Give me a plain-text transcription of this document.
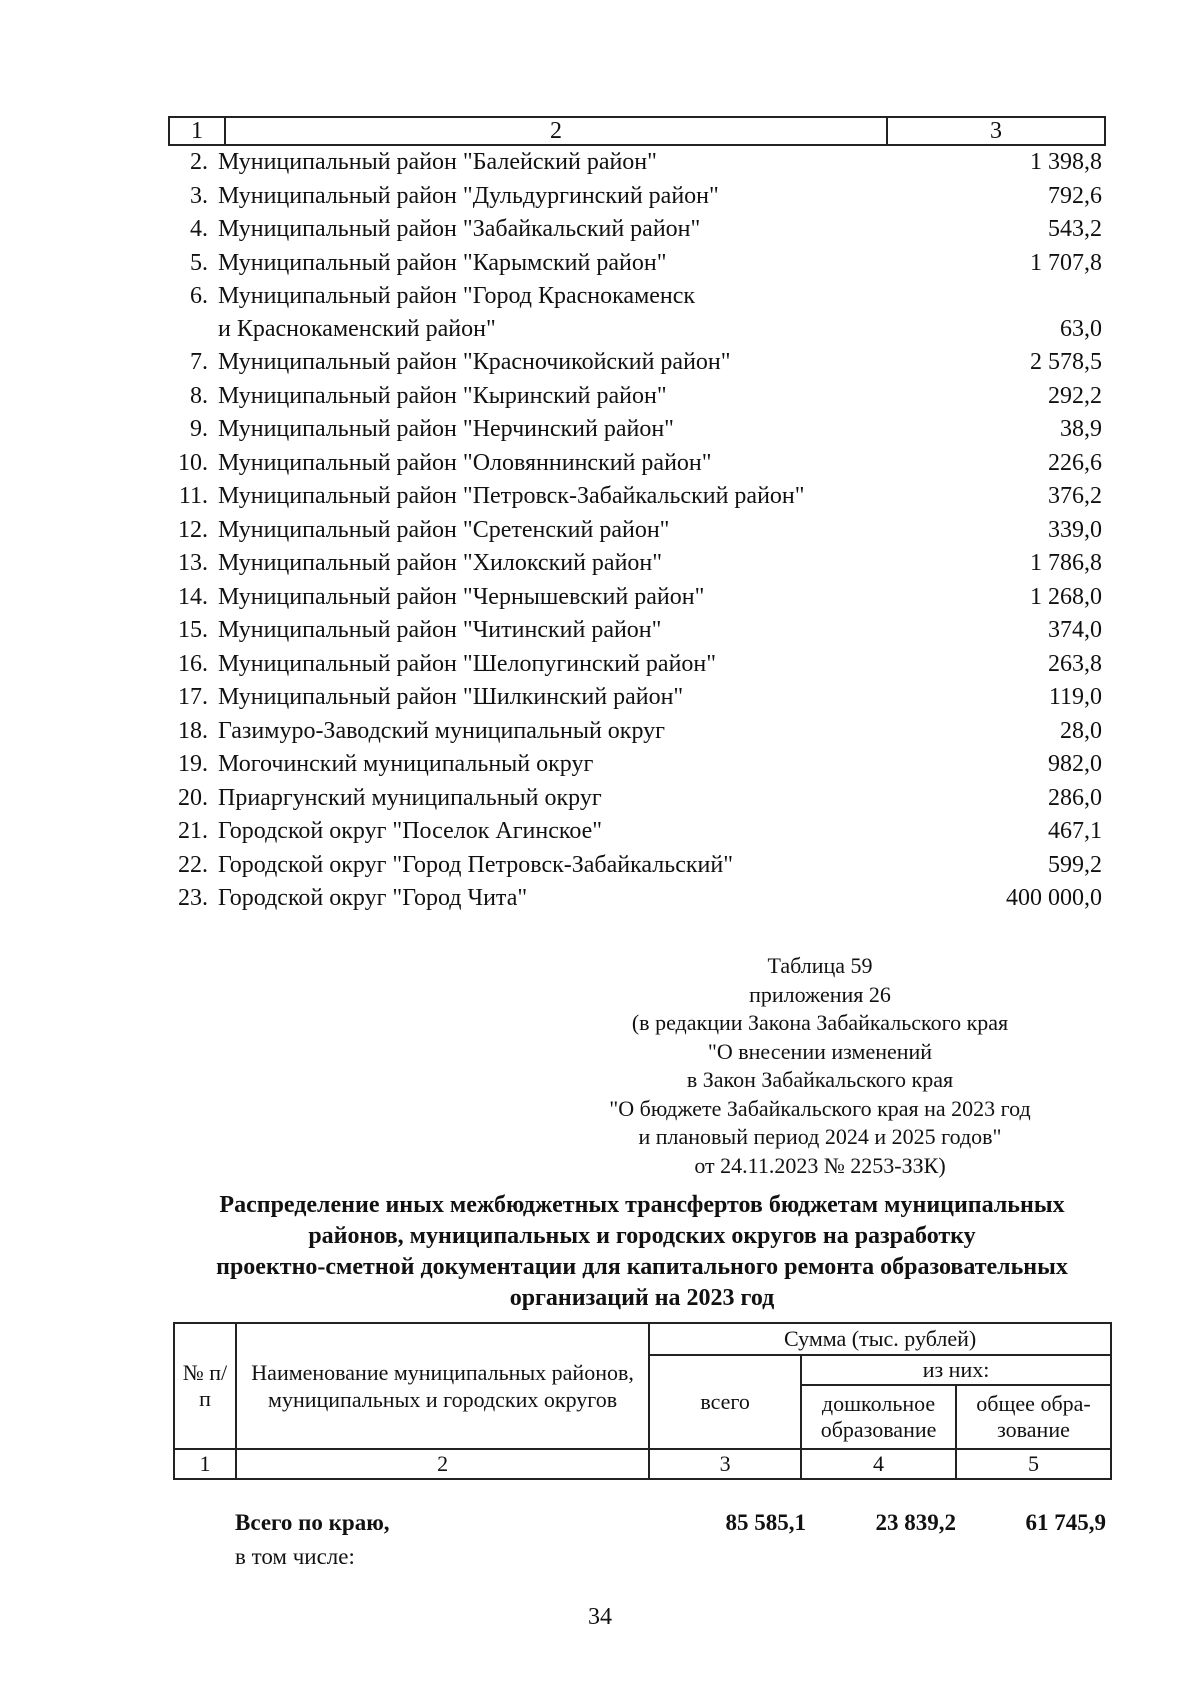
1	2	3
2. Муниципальный район "Балейский район"	1 398,8
3. Муниципальный район "Дульдургинский район"	792,6
4. Муниципальный район "Забайкальский район"	543,2
5. Муниципальный район "Карымский район"	1 707,8
6. Муниципальный район "Город Краснокаменск
и Краснокаменский район"	63,0
7. Муниципальный район "Красночикойский район"	2 578,5
8. Муниципальный район "Кыринский район"	292,2
9. Муниципальный район "Нерчинский район"	38,9
10. Муниципальный район "Оловяннинский район"	226,6
11. Муниципальный район "Петровск-Забайкальский район"	376,2
12. Муниципальный район "Сретенский район"	339,0
13. Муниципальный район "Хилокский район"	1 786,8
14. Муниципальный район "Чернышевский район"	1 268,0
15. Муниципальный район "Читинский район"	374,0
16. Муниципальный район "Шелопугинский район"	263,8
17. Муниципальный район "Шилкинский район"	119,0
18. Газимуро-Заводский муниципальный округ	28,0
19. Могочинский муниципальный округ	982,0
20. Приаргунский муниципальный округ	286,0
21. Городской округ "Поселок Агинское"	467,1
22. Городской округ "Город Петровск-Забайкальский"	599,2
23. Городской округ "Город Чита"	400 000,0
Таблица 59
приложения 26
(в редакции Закона Забайкальского края
"О внесении изменений
в Закон Забайкальского края
"О бюджете Забайкальского края на 2023 год
и плановый период 2024 и 2025 годов"
от 24.11.2023 № 2253-ЗЗК)
Распределение иных межбюджетных трансфертов бюджетам муниципальных
районов, муниципальных и городских округов на разработку
проектно-сметной документации для капитального ремонта образовательных
организаций на 2023 год
№ п/п	Наименование муниципальных районов, муниципальных и городских округов	Сумма (тыс. рублей)		
		всего	из них:	
			дошкольное образование	общее обра-зование
1	2	3	4	5
Всего по краю,	85 585,1	23 839,2	61 745,9
в том числе:
34
